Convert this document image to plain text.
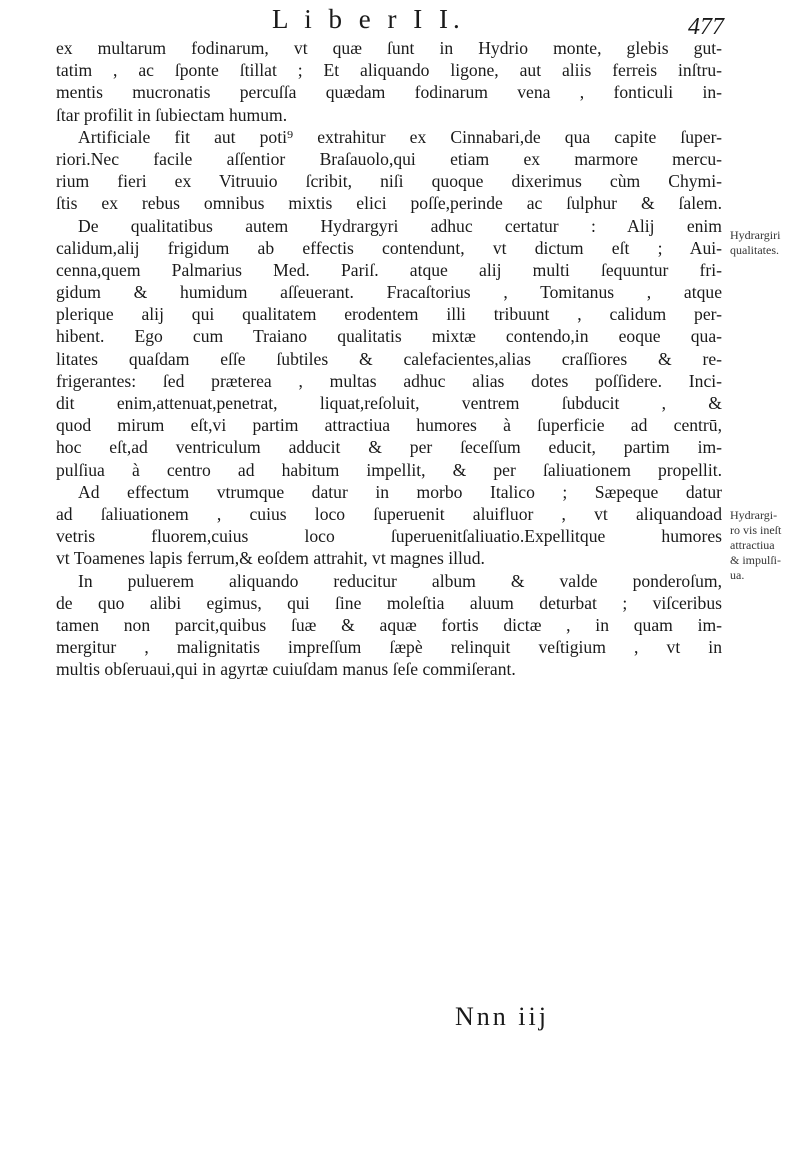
L i b e r I I.	477
ex multarum fodinarum, vt quæ ſunt in Hydrio monte, glebis gut-
tatim , ac ſponte ſtillat ; Et aliquando ligone, aut aliis ferreis inſtru-
mentis mucronatis percuſſa quædam fodinarum vena , fonticuli in-
ſtar profilit in ſubiectam humum.
Artificiale fit aut poti⁹ extrahitur ex Cinnabari,de qua capite ſuper-
riori.Nec facile aſſentior Braſauolo,qui etiam ex marmore mercu-
rium fieri ex Vitruuio ſcribit, niſi quoque dixerimus cùm Chymi-
ſtis ex rebus omnibus mixtis elici poſſe,perinde ac ſulphur & ſalem.
De qualitatibus autem Hydrargyri adhuc certatur : Alij enim
calidum,alij frigidum ab effectis contendunt, vt dictum eſt ; Aui-
cenna,quem Palmarius Med. Pariſ. atque alij multi ſequuntur fri-
gidum & humidum aſſeuerant. Fracaſtorius , Tomitanus , atque
plerique alij qui qualitatem erodentem illi tribuunt , calidum per-
hibent. Ego cum Traiano qualitatis mixtæ contendo,in eoque qua-
litates quaſdam eſſe ſubtiles & calefacientes,alias craſſiores & re-
frigerantes: ſed prætereа , multas adhuc alias dotes poſſidere. Inci-
dit enim,attenuat,penetrat, liquat,reſoluit, ventrem ſubducit , &
quod mirum eſt,vi partim attractiua humores à ſuperficie ad centrū,
hoc eſt,ad ventriculum adducit & per ſeceſſum educit, partim im-
pulſiua à centro ad habitum impellit, & per ſaliuationem propellit.
Ad effectum vtrumque datur in morbo Italico ; Sæpeque datur
ad ſaliuationem , cuius loco ſuperuenit aluifluor , vt aliquandoad
vetris fluorem,cuius loco ſuperuenitſaliuatio.Expellitque humores
vt Toamenes lapis ferrum,& eoſdem attrahit, vt magnes illud.
In puluerem aliquando reducitur album & valde ponderoſum,
de quo alibi egimus, qui ſine moleſtia aluum deturbat ; viſceribus
tamen non parcit,quibus ſuæ & aquæ fortis dictæ , in quam im-
mergitur , malignitatis impreſſum ſæpè relinquit veſtigium , vt in
multis obſeruaui,qui in agyrtæ cuiuſdam manus ſeſe commiſerant.
Hydrargiri
qualitates.
Hydrargi-
ro vis ineſt
attractiua
& impulſi-
ua.
Nnn iij
